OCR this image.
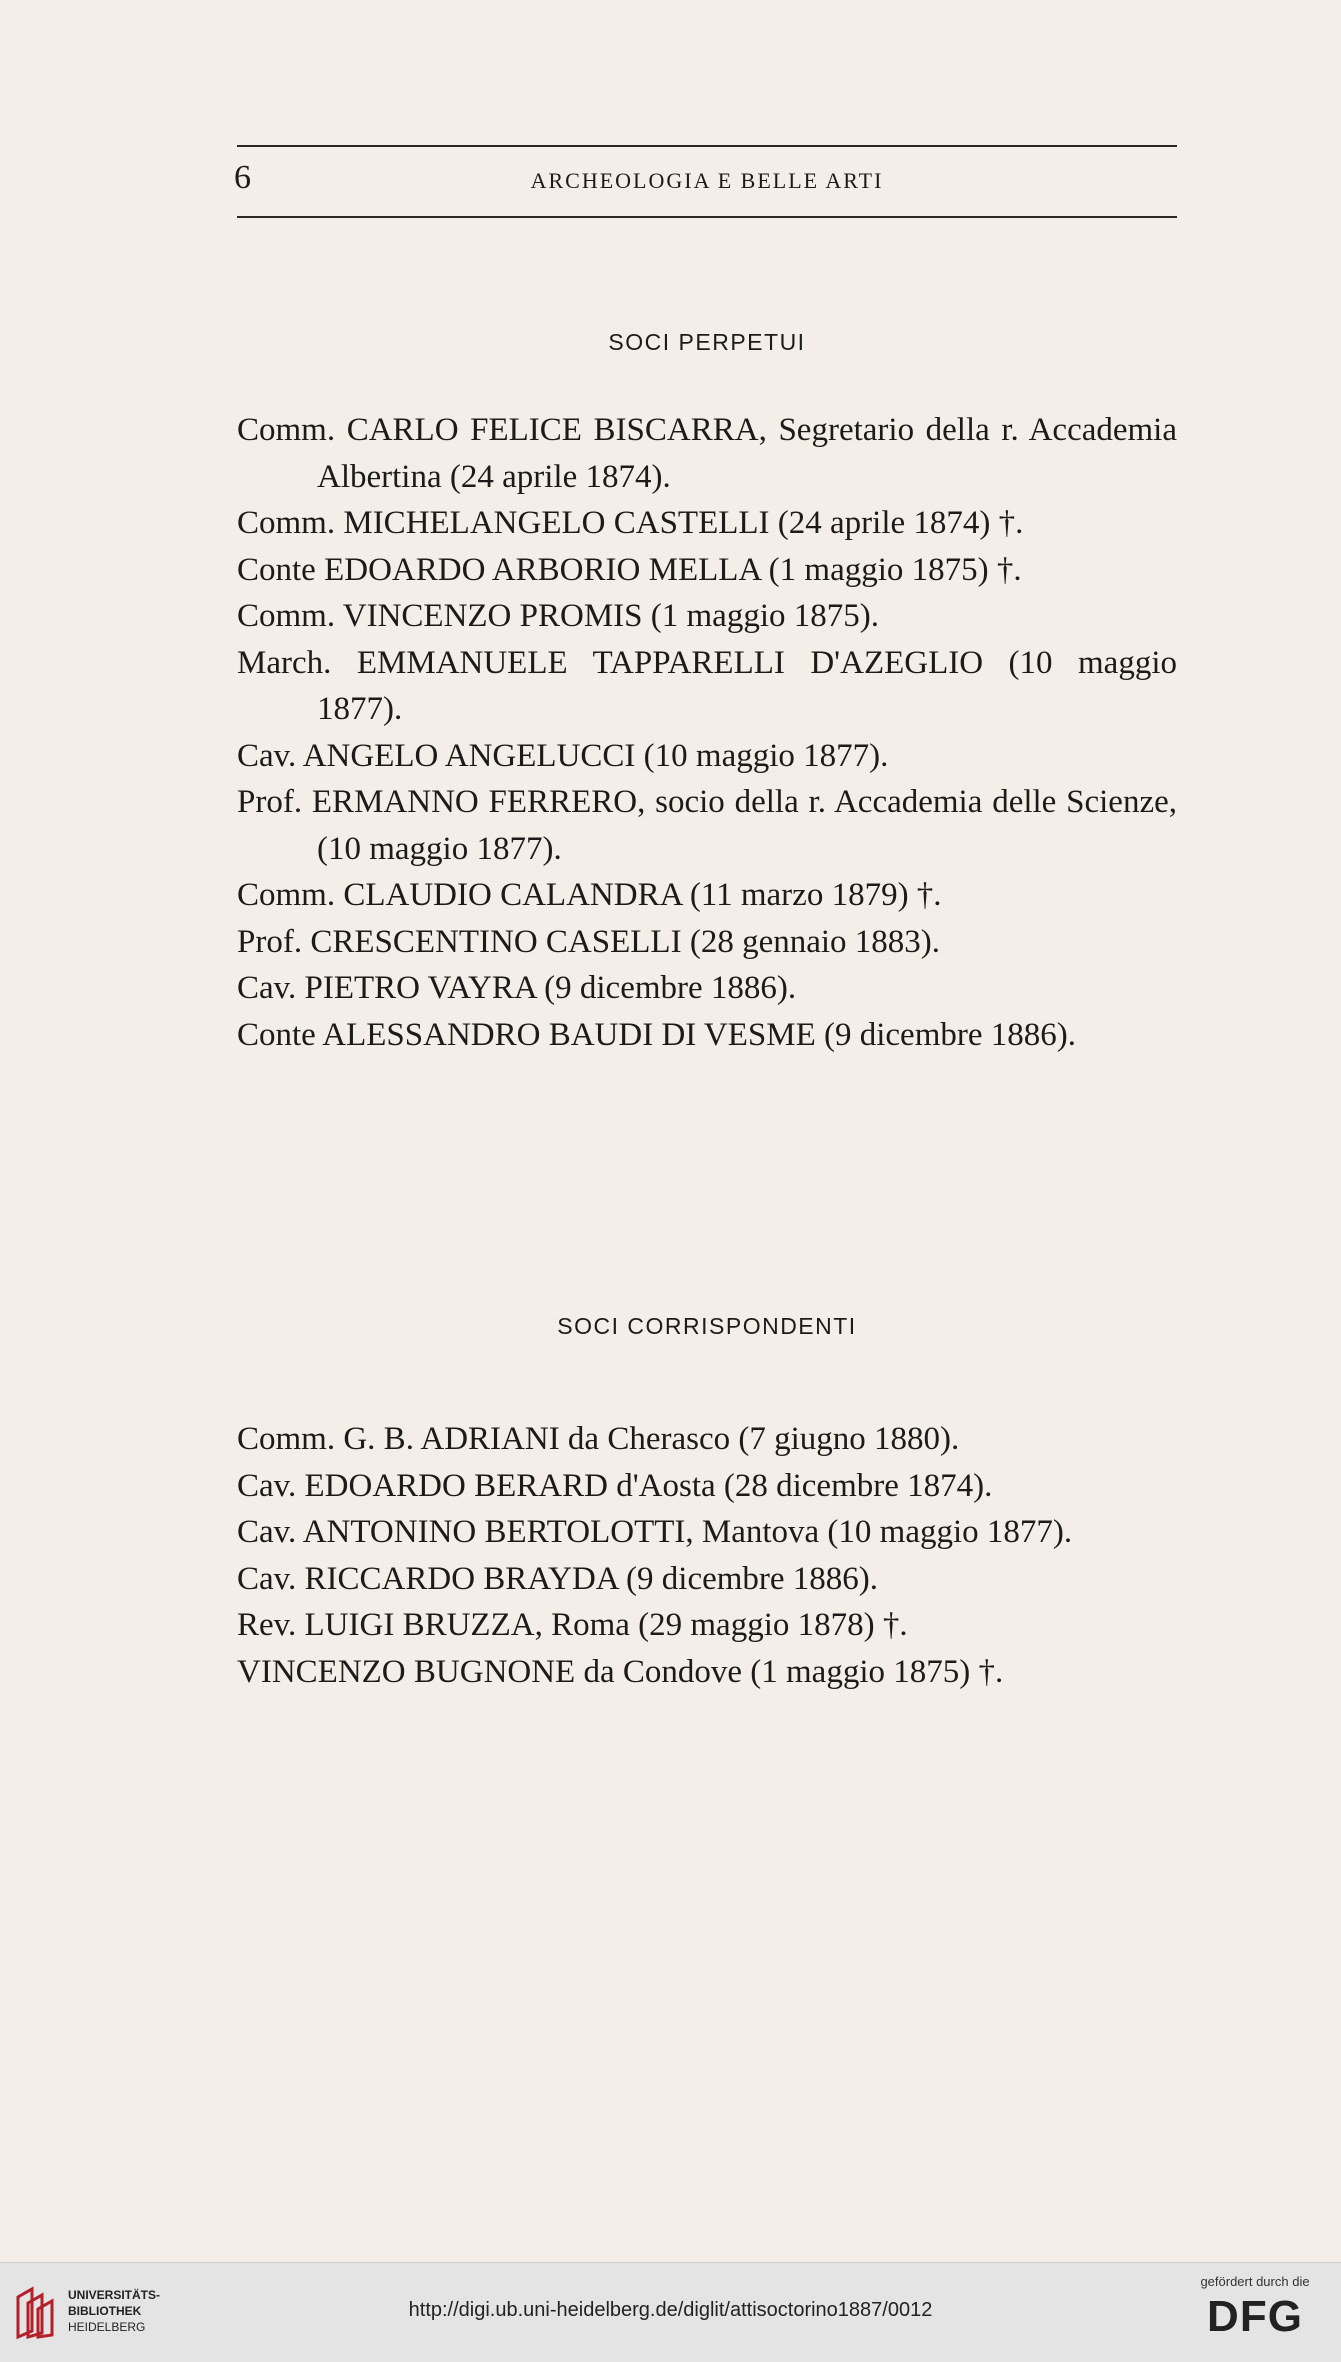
6	ARCHEOLOGIA E BELLE ARTI
SOCI PERPETUI
Comm. CARLO FELICE BISCARRA, Segretario della r. Accademia Albertina (24 aprile 1874).
Comm. MICHELANGELO CASTELLI (24 aprile 1874) †.
Conte EDOARDO ARBORIO MELLA (1 maggio 1875) †.
Comm. VINCENZO PROMIS (1 maggio 1875).
March. EMMANUELE TAPPARELLI D'AZEGLIO (10 maggio 1877).
Cav. ANGELO ANGELUCCI (10 maggio 1877).
Prof. ERMANNO FERRERO, socio della r. Accademia delle Scienze, (10 maggio 1877).
Comm. CLAUDIO CALANDRA (11 marzo 1879) †.
Prof. CRESCENTINO CASELLI (28 gennaio 1883).
Cav. PIETRO VAYRA (9 dicembre 1886).
Conte ALESSANDRO BAUDI DI VESME (9 dicembre 1886).
SOCI CORRISPONDENTI
Comm. G. B. ADRIANI da Cherasco (7 giugno 1880).
Cav. EDOARDO BERARD d'Aosta (28 dicembre 1874).
Cav. ANTONINO BERTOLOTTI, Mantova (10 maggio 1877).
Cav. RICCARDO BRAYDA (9 dicembre 1886).
Rev. LUIGI BRUZZA, Roma (29 maggio 1878) †.
VINCENZO BUGNONE da Condove (1 maggio 1875) †.
UNIVERSITÄTS-
BIBLIOTHEK
HEIDELBERG
http://digi.ub.uni-heidelberg.de/diglit/attisoctorino1887/0012
gefördert durch die
DFG
